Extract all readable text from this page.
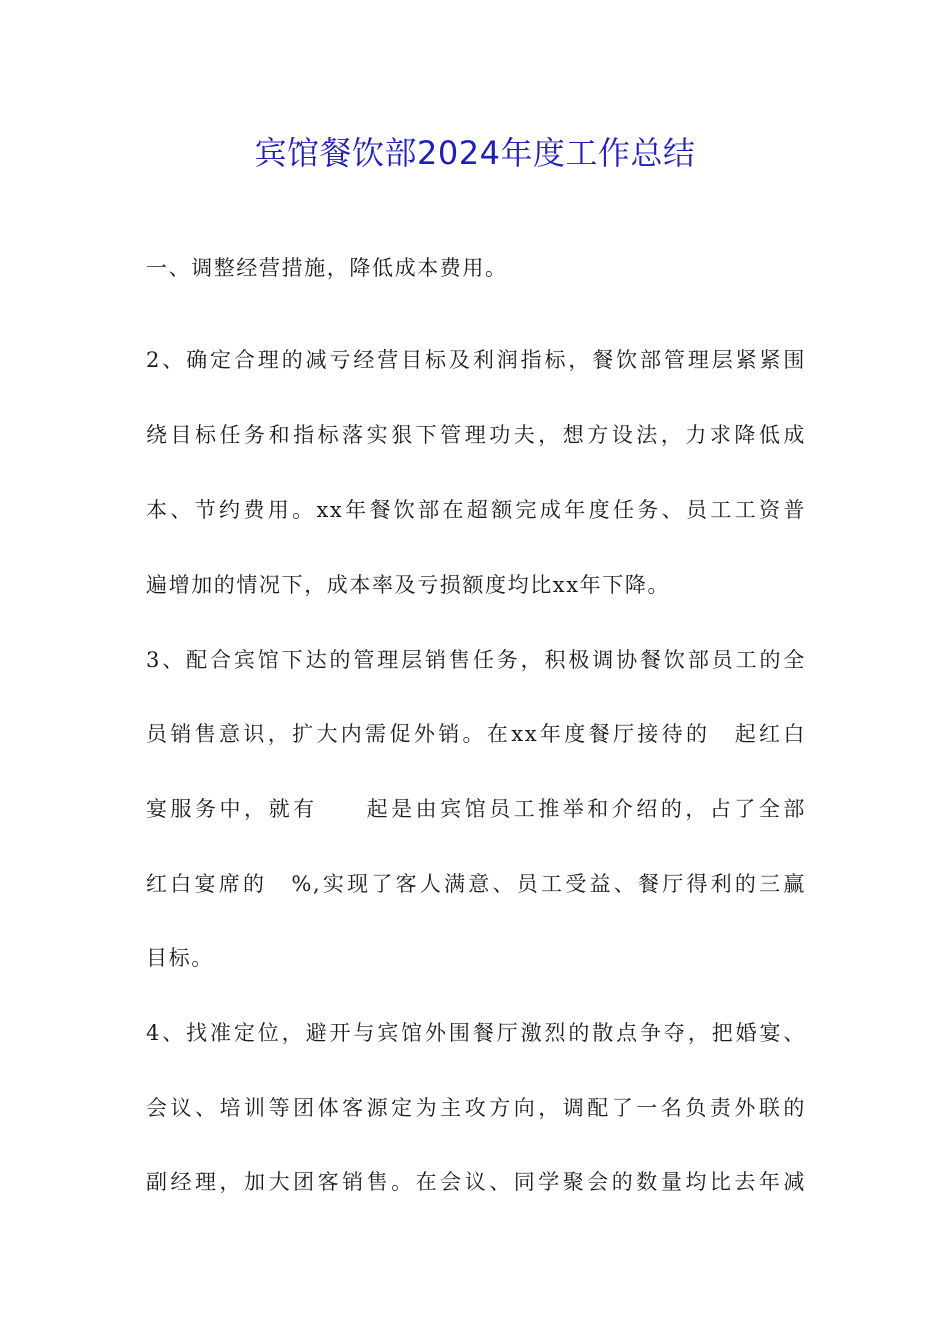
宾馆餐饮部2024年度工作总结
一、调整经营措施，降低成本费用。
2、确定合理的减亏经营目标及利润指标，餐饮部管理层紧紧围
绕目标任务和指标落实狠下管理功夫，想方设法，力求降低成
本、节约费用。xx年餐饮部在超额完成年度任务、员工工资普
遍增加的情况下，成本率及亏损额度均比xx年下降。
3、配合宾馆下达的管理层销售任务，积极调协餐饮部员工的全
员销售意识，扩大内需促外销。在xx年度餐厅接待的　起红白
宴服务中，就有　　起是由宾馆员工推举和介绍的，占了全部
红白宴席的　%,实现了客人满意、员工受益、餐厅得利的三赢
目标。
4、找准定位，避开与宾馆外围餐厅激烈的散点争夺，把婚宴、
会议、培训等团体客源定为主攻方向，调配了一名负责外联的
副经理，加大团客销售。在会议、同学聚会的数量均比去年减
